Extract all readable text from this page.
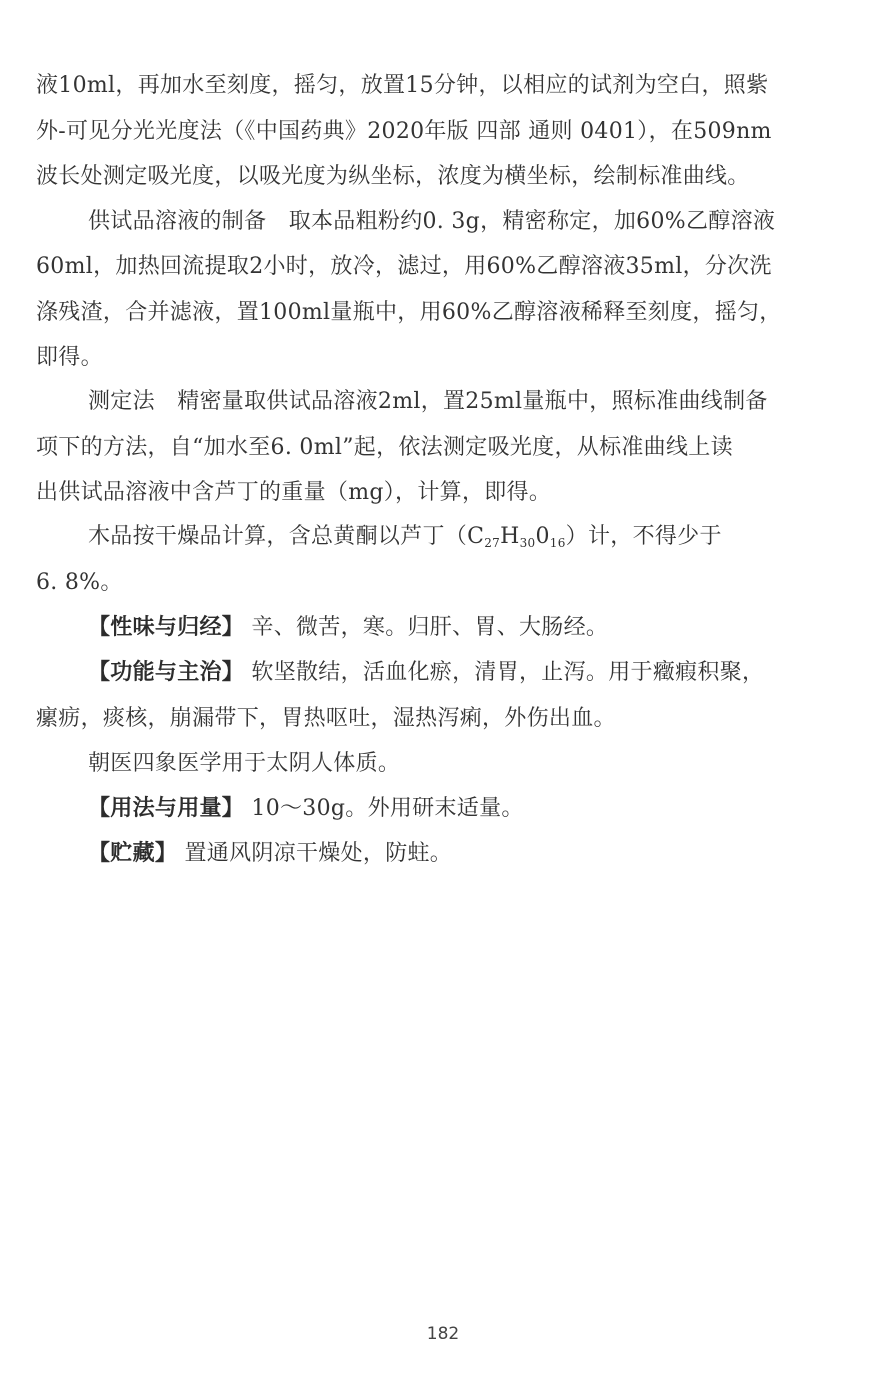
液10ml，再加水至刻度，摇匀，放置15分钟，以相应的试剂为空白，照紫
外-可见分光光度法（《中国药典》2020年版 四部 通则 0401），在509nm
波长处测定吸光度，以吸光度为纵坐标，浓度为横坐标，绘制标准曲线。
供试品溶液的制备　取本品粗粉约0. 3g，精密称定，加60%乙醇溶液
60ml，加热回流提取2小时，放冷，滤过，用60%乙醇溶液35ml，分次洗
涤残渣，合并滤液，置100ml量瓶中，用60%乙醇溶液稀释至刻度，摇匀，
即得。
测定法　精密量取供试品溶液2ml，置25ml量瓶中，照标准曲线制备
项下的方法，自“加水至6. 0ml”起，依法测定吸光度，从标准曲线上读
出供试品溶液中含芦丁的重量（mg），计算，即得。
木品按干燥品计算，含总黄酮以芦丁$(C_{27}H_{30}0_{16})$计，不得少于
6. 8%。
【性味与归经】 辛、微苦，寒。归肝、胃、大肠经。
【功能与主治】 软坚散结，活血化瘀，清胃，止泻。用于癥瘕积聚，
瘰疬，痰核，崩漏带下，胃热呕吐，湿热泻痢，外伤出血。
朝医四象医学用于太阴人体质。
【用法与用量】 10～30g。外用研末适量。
【贮藏】 置通风阴凉干燥处，防蛀。
182
